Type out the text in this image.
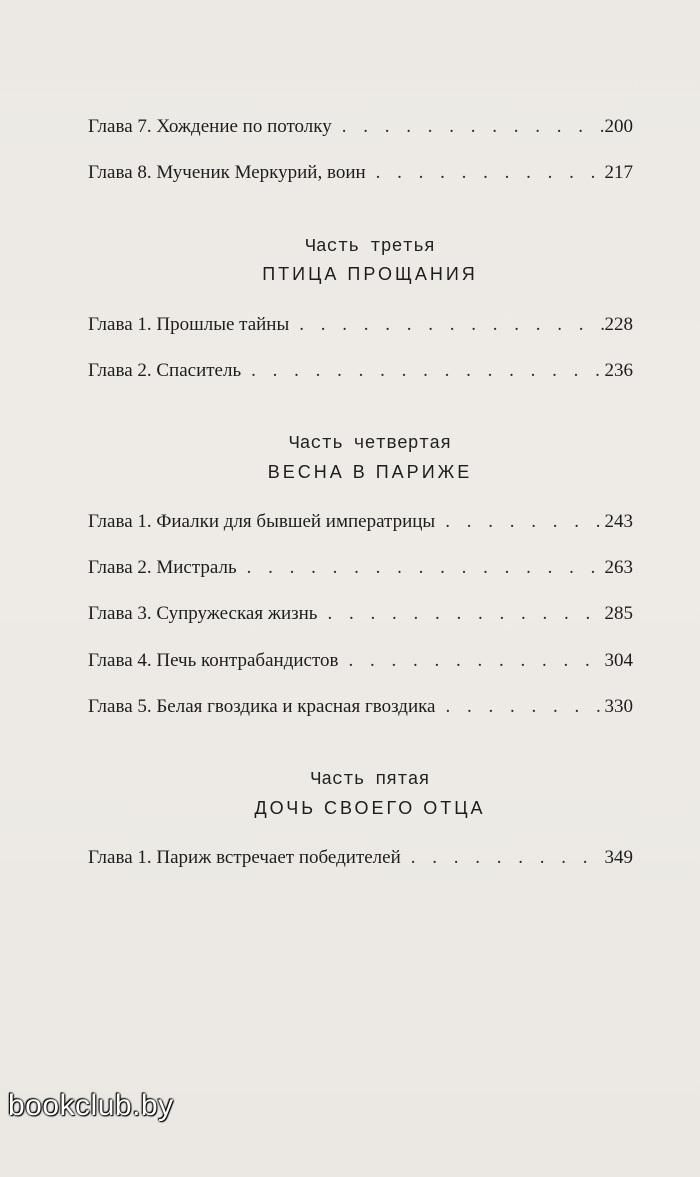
Глава 7. Хождение по потолку . . .	200
Глава 8. Мученик Меркурий, воин . . .	217
Часть третья
ПТИЦА ПРОЩАНИЯ
Глава 1. Прошлые тайны . . .	228
Глава 2. Спаситель . . .	236
Часть четвертая
ВЕСНА В ПАРИЖЕ
Глава 1. Фиалки для бывшей императрицы . . .	243
Глава 2. Мистраль . . .	263
Глава 3. Супружеская жизнь . . .	285
Глава 4. Печь контрабандистов . . .	304
Глава 5. Белая гвоздика и красная гвоздика . . .	330
Часть пятая
ДОЧЬ СВОЕГО ОТЦА
Глава 1. Париж встречает победителей . . .	349
bookclub.by
